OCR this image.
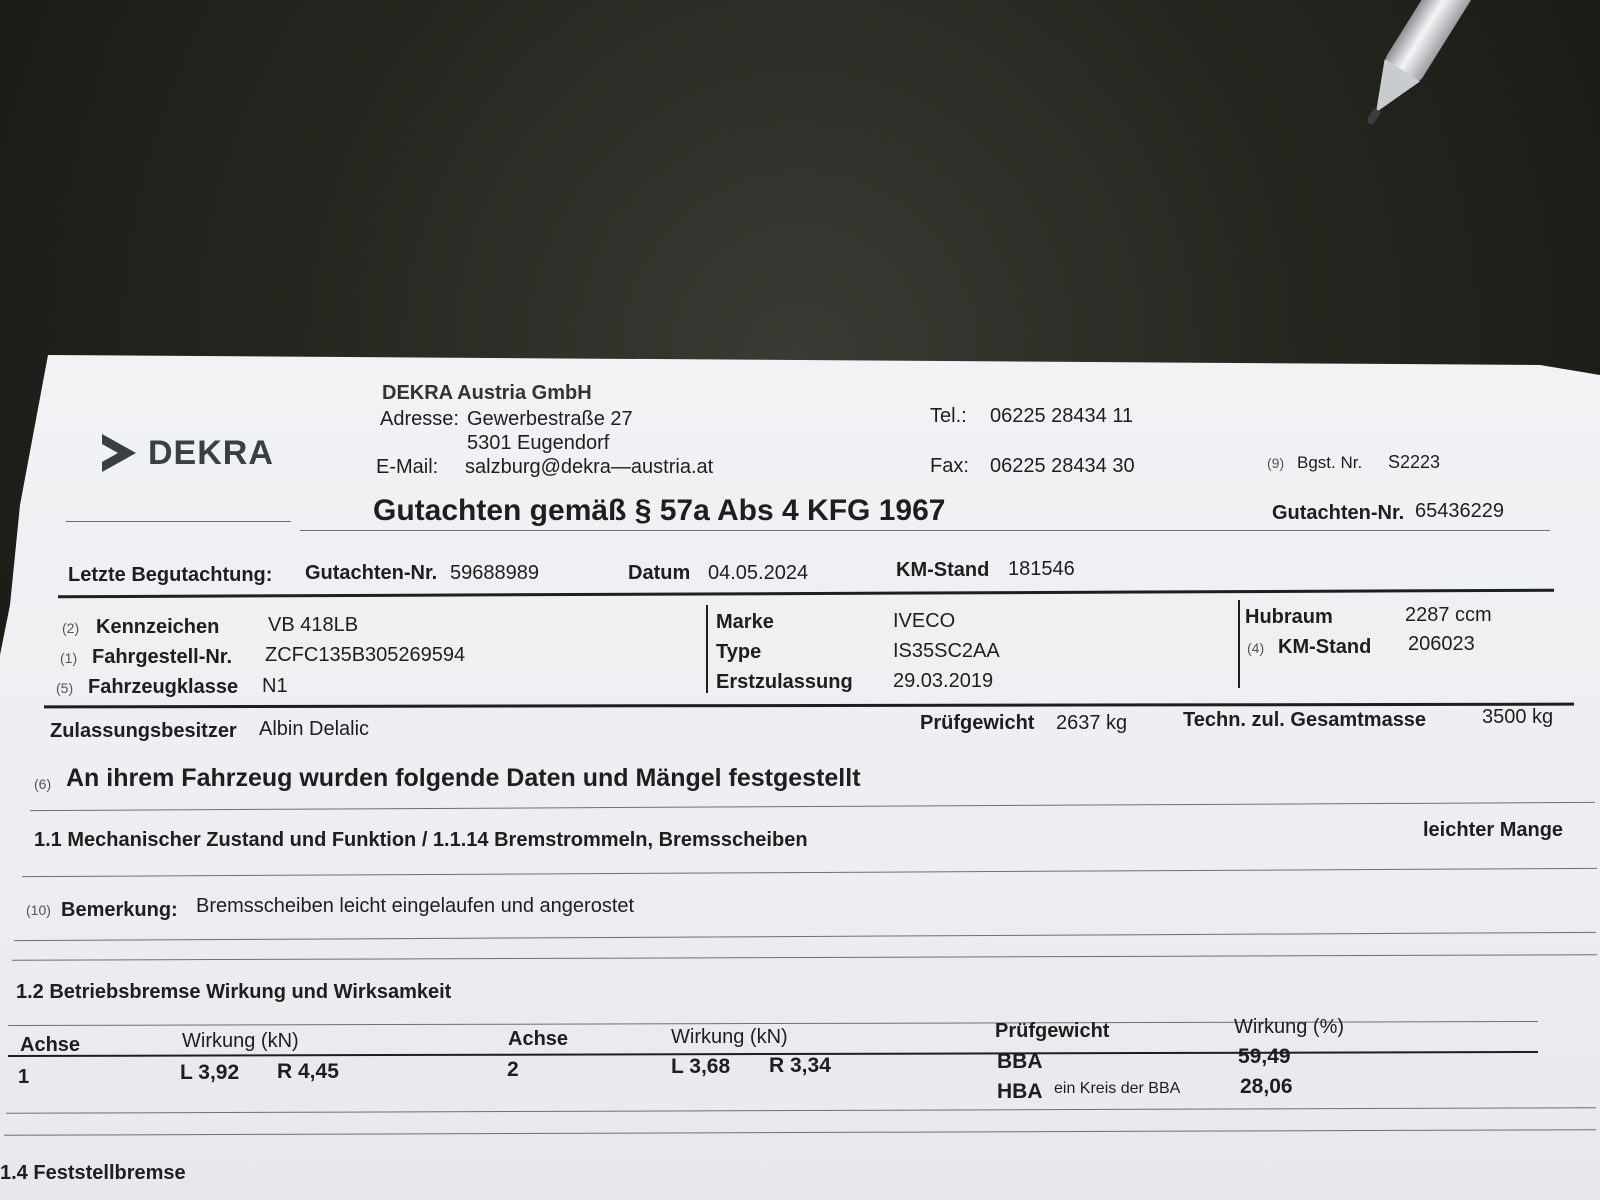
DEKRA
DEKRA Austria GmbH
Adresse: Gewerbestraße 27
5301 Eugendorf
E-Mail: salzburg@dekra—austria.at
Tel.: 06225 28434 11
Fax: 06225 28434 30	(9) Bgst. Nr. S2223
Gutachten gemäß § 57a Abs 4 KFG 1967	Gutachten-Nr. 65436229
Letzte Begutachtung: Gutachten-Nr. 59688989	Datum 04.05.2024	KM-Stand 181546
(2) Kennzeichen VB 418LB
(1) Fahrgestell-Nr. ZCFC135B305269594
(5) Fahrzeugklasse N1
Marke	IVECO
Type	IS35SC2AA
Erstzulassung 29.03.2019
Hubraum	2287 ccm
(4) KM-Stand 206023
Zulassungsbesitzer Albin Delalic	Prüfgewicht 2637 kg	Techn. zul. Gesamtmasse	3500 kg
(6) An ihrem Fahrzeug wurden folgende Daten und Mängel festgestellt
1.1 Mechanischer Zustand und Funktion / 1.1.14 Bremstrommeln, Bremsscheiben	leichter Mange
(10) Bemerkung: Bremsscheiben leicht eingelaufen und angerostet
1.2 Betriebsbremse Wirkung und Wirksamkeit
Achse	Wirkung (kN)	Achse	Wirkung (kN)	Prüfgewicht	Wirkung (%)
1	L 3,92 R 4,45	2	L 3,68 R 3,34	BBA	59,49
HBA ein Kreis der BBA	28,06
1.4 Feststellbremse
